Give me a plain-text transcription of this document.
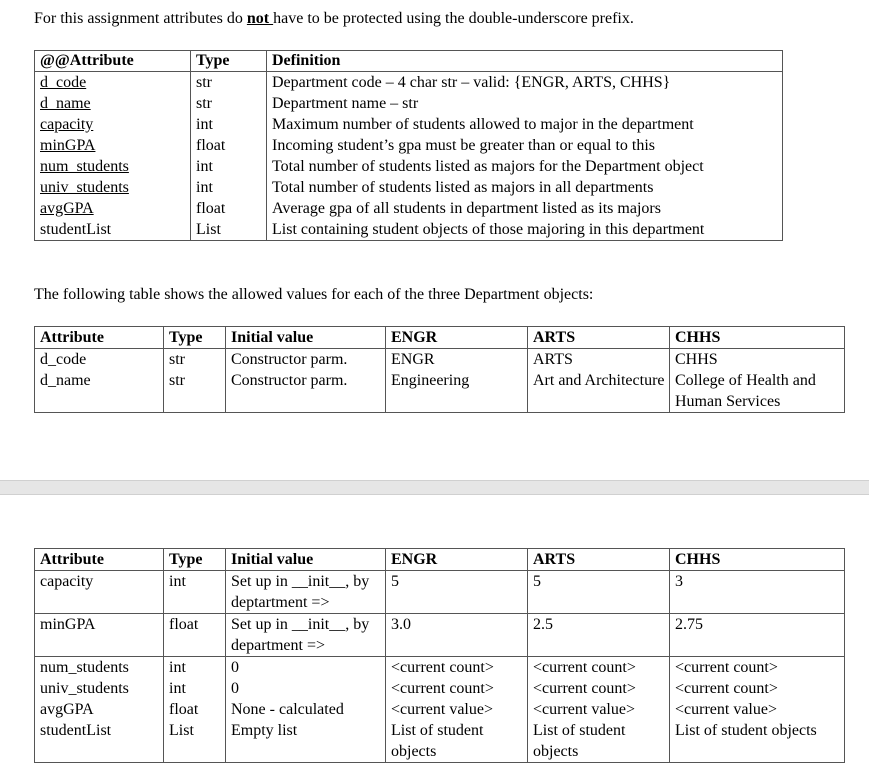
For this assignment attributes do not have to be protected using the double-underscore prefix.

@@Attribute	Type	Definition
d_code	str	Department code – 4 char str – valid: {ENGR, ARTS, CHHS}
d_name	str	Department name – str
capacity	int	Maximum number of students allowed to major in the department
minGPA	float	Incoming student’s gpa must be greater than or equal to this
num_students	int	Total number of students listed as majors for the Department object
univ_students	int	Total number of students listed as majors in all departments
avgGPA	float	Average gpa of all students in department listed as its majors
studentList	List	List containing student objects of those majoring in this department

The following table shows the allowed values for each of the three Department objects:

Attribute	Type	Initial value	ENGR	ARTS	CHHS
d_code	str	Constructor parm.	ENGR	ARTS	CHHS
d_name	str	Constructor parm.	Engineering	Art and Architecture	College of Health and Human Services
Attribute	Type	Initial value	ENGR	ARTS	CHHS
capacity	int	Set up in __init__, by deptartment =>	5	5	3
minGPA	float	Set up in __init__, by department =>	3.0	2.5	2.75
num_students	int	0	<current count>	<current count>	<current count>
univ_students	int	0	<current count>	<current count>	<current count>
avgGPA	float	None - calculated	<current value>	<current value>	<current value>
studentList	List	Empty list	List of student objects	List of student objects	List of student objects
